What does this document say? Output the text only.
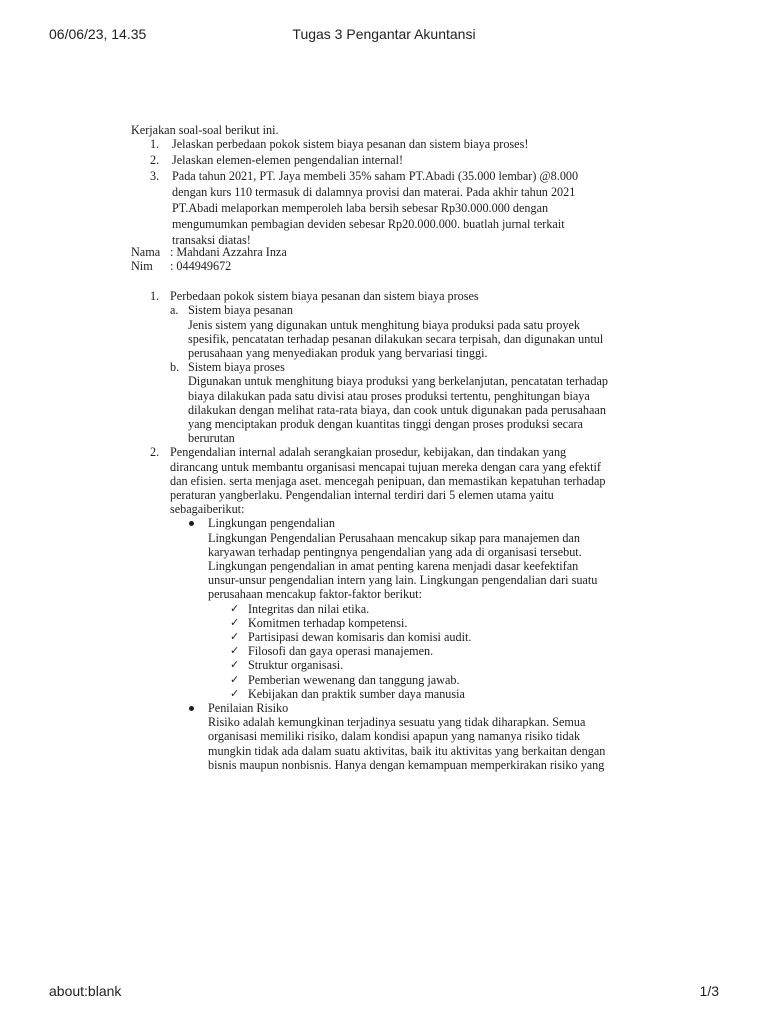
06/06/23, 14.35	Tugas 3 Pengantar Akuntansi
Kerjakan soal-soal berikut ini.
1. Jelaskan perbedaan pokok sistem biaya pesanan dan sistem biaya proses!
2. Jelaskan elemen-elemen pengendalian internal!
3. Pada tahun 2021, PT. Jaya membeli 35% saham PT.Abadi (35.000 lembar) @8.000
dengan kurs 110 termasuk di dalamnya provisi dan materai. Pada akhir tahun 2021
PT.Abadi melaporkan memperoleh laba bersih sebesar Rp30.000.000 dengan
mengumumkan pembagian deviden sebesar Rp20.000.000. buatlah jurnal terkait
transaksi diatas!
Nama : Mahdani Azzahra Inza
Nim : 044949672
1. Perbedaan pokok sistem biaya pesanan dan sistem biaya proses
a. Sistem biaya pesanan
Jenis sistem yang digunakan untuk menghitung biaya produksi pada satu proyek
spesifik, pencatatan terhadap pesanan dilakukan secara terpisah, dan digunakan untul
perusahaan yang menyediakan produk yang bervariasi tinggi.
b. Sistem biaya proses
Digunakan untuk menghitung biaya produksi yang berkelanjutan, pencatatan terhadap
biaya dilakukan pada satu divisi atau proses produksi tertentu, penghitungan biaya
dilakukan dengan melihat rata-rata biaya, dan cook untuk digunakan pada perusahaan
yang menciptakan produk dengan kuantitas tinggi dengan proses produksi secara
berurutan
2. Pengendalian internal adalah serangkaian prosedur, kebijakan, dan tindakan yang
dirancang untuk membantu organisasi mencapai tujuan mereka dengan cara yang efektif
dan efisien. serta menjaga aset. mencegah penipuan, dan memastikan kepatuhan terhadap
peraturan yangberlaku. Pengendalian internal terdiri dari 5 elemen utama yaitu
sebagaiberikut:
Lingkungan pengendalian
Lingkungan Pengendalian Perusahaan mencakup sikap para manajemen dan
karyawan terhadap pentingnya pengendalian yang ada di organisasi tersebut.
Lingkungan pengendalian in amat penting karena menjadi dasar keefektifan
unsur-unsur pengendalian intern yang lain. Lingkungan pengendalian dari suatu
perusahaan mencakup faktor-faktor berikut:
✓ Integritas dan nilai etika.
✓ Komitmen terhadap kompetensi.
✓ Partisipasi dewan komisaris dan komisi audit.
✓ Filosofi dan gaya operasi manajemen.
✓ Struktur organisasi.
✓ Pemberian wewenang dan tanggung jawab.
✓ Kebijakan dan praktik sumber daya manusia
Penilaian Risiko
Risiko adalah kemungkinan terjadinya sesuatu yang tidak diharapkan. Semua
organisasi memiliki risiko, dalam kondisi apapun yang namanya risiko tidak
mungkin tidak ada dalam suatu aktivitas, baik itu aktivitas yang berkaitan dengan
bisnis maupun nonbisnis. Hanya dengan kemampuan memperkirakan risiko yang
about:blank	1/3
